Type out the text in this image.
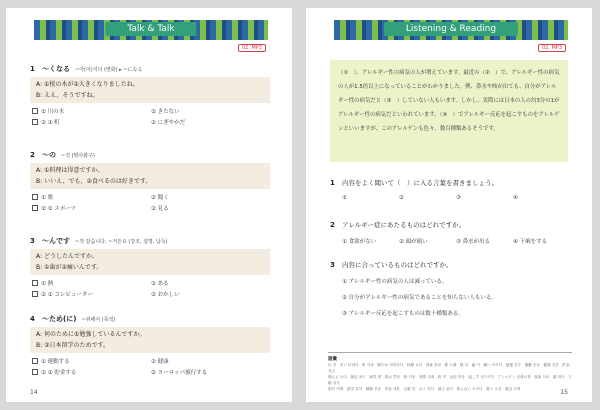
Talk & Talk
02. MP3
1	～くなる ~아(어)지다 (변화) ▸ ~になる
A: ①桜の木が②大きくなりましたね。
B: ええ、そうですね。
① 川の水	② きたない
② ① 町	② にぎやかだ
2	～の ~것 (명사화구)
A: ①料理は得意ですか。
B: いいえ、でも、②食べるのは好きです。
① 歌	② 聞く
② ① スポーツ	② 見る
3	～んです ~것 같습니다, ~거든요 (강조, 설명, 납득)
A: どうしたんですか。
B: ①歯が②痛いんです。
① 熱	② ある
② ① コンピューター	② おかしい
4	～ため(に) ~위해서 (목적)
A: 何のために①勉強しているんですか。
B: ②日本留学のためです。
① 運動する	② 健康
② ① 貯金する	② ヨーロッパ旅行する
14
Listening & Reading
02. MP3

（①　）、アレルギー性の病気の人が増えています。最近の（②　）で、アレルギー性の病気の人が1.5倍以上になっていることがわかりました。例、鼻水や咳が出ても、自分がアレルギー性の病気だと（③　）していない人もいます。しかし、実際には日本の人の約3分の1がアレルギー性の病気だといわれています。（④　）でアレルギー反応を起こすものをアレルゲンといいますが、このアレルゲンも色々、数百種類あるそうです。

1	内容をよく聞いて（　）に入る言葉を書きましょう。
①	②	③	④
2	アレルギー症にあたるものはどれですか。
① 食欲がない	② 頭が痛い	③ 鼻水が出る	④ 下痢をする
3	内容に合っているものはどれですか。
① アレルギー性の病気の人は減っている。
② 自分がアレルギー性の病気であることを知らない人もいる。
③ アレルギー反応を起こすものは数十種類ある。
語彙
川 강　汚い 더럽다　町 마을　賑やか 번화하다　料理 요리　得意 잘함　歌 노래　熱 열　歯 이　痛い 아프다　勉強 공부　運動 운동　健康 건강　貯金 저금
増える 늘다　最近 최근　病気 병　鼻水 콧물　咳 기침　実際 실제　約 약　反応 반응　起こす 일으키다　アレルゲン 알레르겐　食欲 식욕　頭 머리　下痢 설사
旅行 여행　留学 유학　種類 종류　内容 내용　言葉 말　合う 맞다　減る 줄다　知らない 모르다　数十 수십　数百 수백	15
